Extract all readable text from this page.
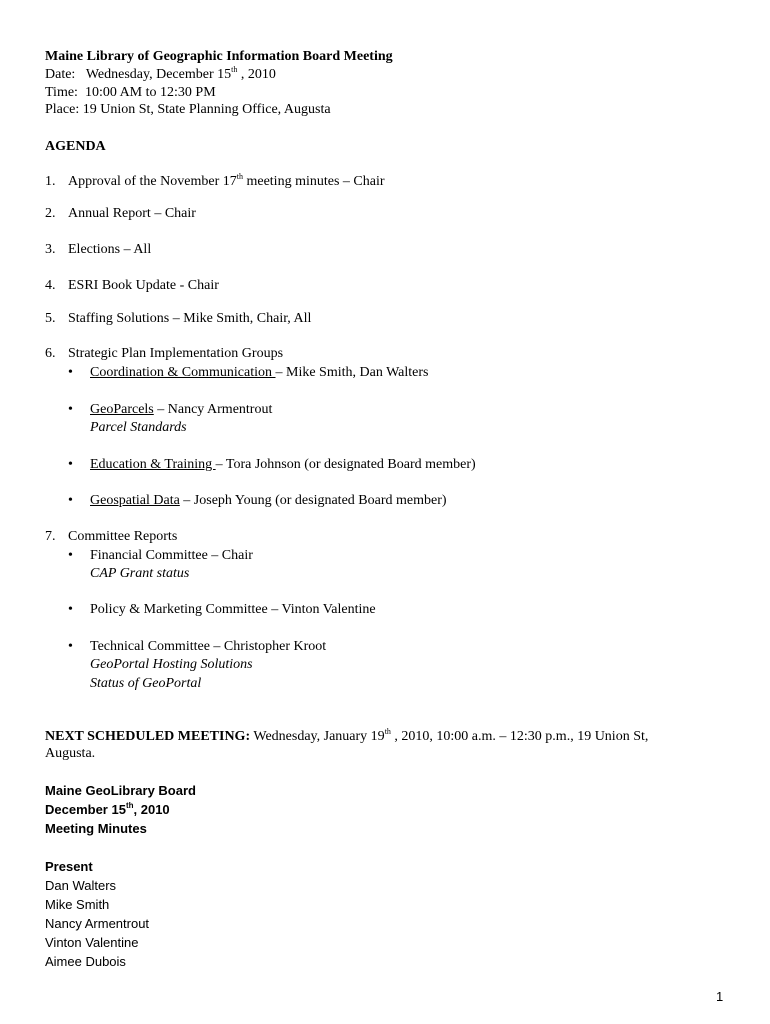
Maine Library of Geographic Information Board Meeting
Date: Wednesday, December 15th , 2010
Time: 10:00 AM to 12:30 PM
Place: 19 Union St, State Planning Office, Augusta
AGENDA
1. Approval of the November 17th meeting minutes – Chair
2. Annual Report – Chair
3. Elections – All
4. ESRI Book Update - Chair
5. Staffing Solutions – Mike Smith, Chair, All
6. Strategic Plan Implementation Groups
• Coordination & Communication – Mike Smith, Dan Walters
• GeoParcels – Nancy Armentrout
Parcel Standards
• Education & Training – Tora Johnson (or designated Board member)
• Geospatial Data – Joseph Young (or designated Board member)
7. Committee Reports
• Financial Committee – Chair
CAP Grant status
• Policy & Marketing Committee – Vinton Valentine
• Technical Committee – Christopher Kroot
GeoPortal Hosting Solutions
Status of GeoPortal
NEXT SCHEDULED MEETING: Wednesday, January 19th , 2010, 10:00 a.m. – 12:30 p.m., 19 Union St,
Augusta.
Maine GeoLibrary Board
December 15th, 2010
Meeting Minutes
Present
Dan Walters
Mike Smith
Nancy Armentrout
Vinton Valentine
Aimee Dubois
1
